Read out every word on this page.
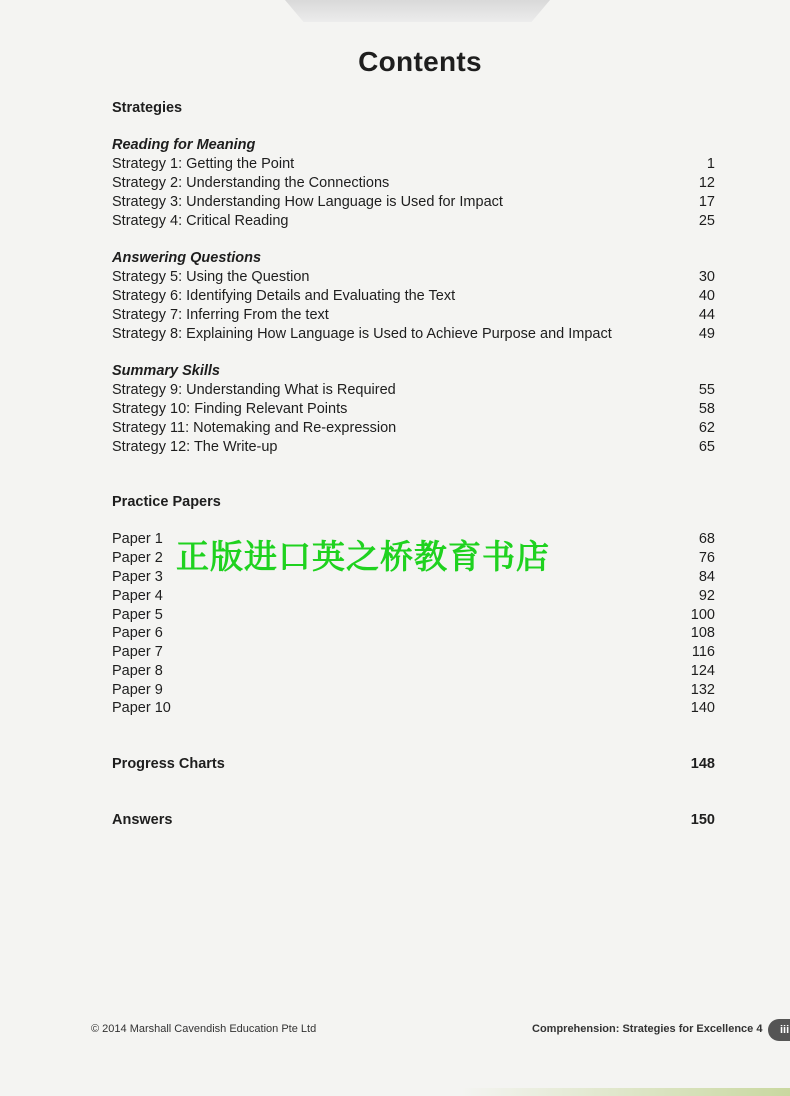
Contents
Strategies
Reading for Meaning
Strategy 1: Getting the Point	1
Strategy 2: Understanding the Connections	12
Strategy 3: Understanding How Language is Used for Impact	17
Strategy 4: Critical Reading	25
Answering Questions
Strategy 5: Using the Question	30
Strategy 6: Identifying Details and Evaluating the Text	40
Strategy 7: Inferring From the text	44
Strategy 8: Explaining How Language is Used to Achieve Purpose and Impact	49
Summary Skills
Strategy 9: Understanding What is Required	55
Strategy 10: Finding Relevant Points	58
Strategy 11: Notemaking and Re-expression	62
Strategy 12: The Write-up	65
Practice Papers
Paper 1	68
Paper 2	76
Paper 3	84
Paper 4	92
Paper 5	100
Paper 6	108
Paper 7	116
Paper 8	124
Paper 9	132
Paper 10	140
Progress Charts	148
Answers	150
正版进口英之桥教育书店
© 2014 Marshall Cavendish Education Pte Ltd	Comprehension: Strategies for Excellence 4	iii
